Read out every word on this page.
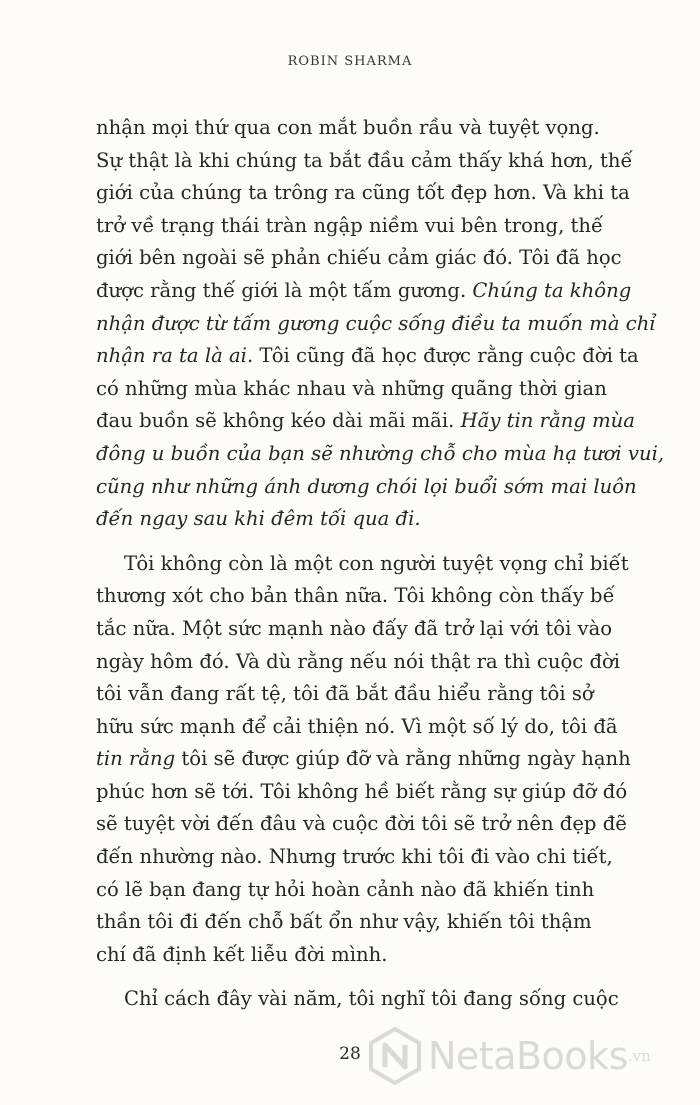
ROBIN SHARMA
nhận mọi thứ qua con mắt buồn rầu và tuyệt vọng.
Sự thật là khi chúng ta bắt đầu cảm thấy khá hơn, thế
giới của chúng ta trông ra cũng tốt đẹp hơn. Và khi ta
trở về trạng thái tràn ngập niềm vui bên trong, thế
giới bên ngoài sẽ phản chiếu cảm giác đó. Tôi đã học
được rằng thế giới là một tấm gương. Chúng ta không
nhận được từ tấm gương cuộc sống điều ta muốn mà chỉ
nhận ra ta là ai. Tôi cũng đã học được rằng cuộc đời ta
có những mùa khác nhau và những quãng thời gian
đau buồn sẽ không kéo dài mãi mãi. Hãy tin rằng mùa
đông u buồn của bạn sẽ nhường chỗ cho mùa hạ tươi vui,
cũng như những ánh dương chói lọi buổi sớm mai luôn
đến ngay sau khi đêm tối qua đi.
Tôi không còn là một con người tuyệt vọng chỉ biết
thương xót cho bản thân nữa. Tôi không còn thấy bế
tắc nữa. Một sức mạnh nào đấy đã trở lại với tôi vào
ngày hôm đó. Và dù rằng nếu nói thật ra thì cuộc đời
tôi vẫn đang rất tệ, tôi đã bắt đầu hiểu rằng tôi sở
hữu sức mạnh để cải thiện nó. Vì một số lý do, tôi đã
tin rằng tôi sẽ được giúp đỡ và rằng những ngày hạnh
phúc hơn sẽ tới. Tôi không hề biết rằng sự giúp đỡ đó
sẽ tuyệt vời đến đâu và cuộc đời tôi sẽ trở nên đẹp đẽ
đến nhường nào. Nhưng trước khi tôi đi vào chi tiết,
có lẽ bạn đang tự hỏi hoàn cảnh nào đã khiến tinh
thần tôi đi đến chỗ bất ổn như vậy, khiến tôi thậm
chí đã định kết liễu đời mình.
Chỉ cách đây vài năm, tôi nghĩ tôi đang sống cuộc
28	NetaBooks .vn
